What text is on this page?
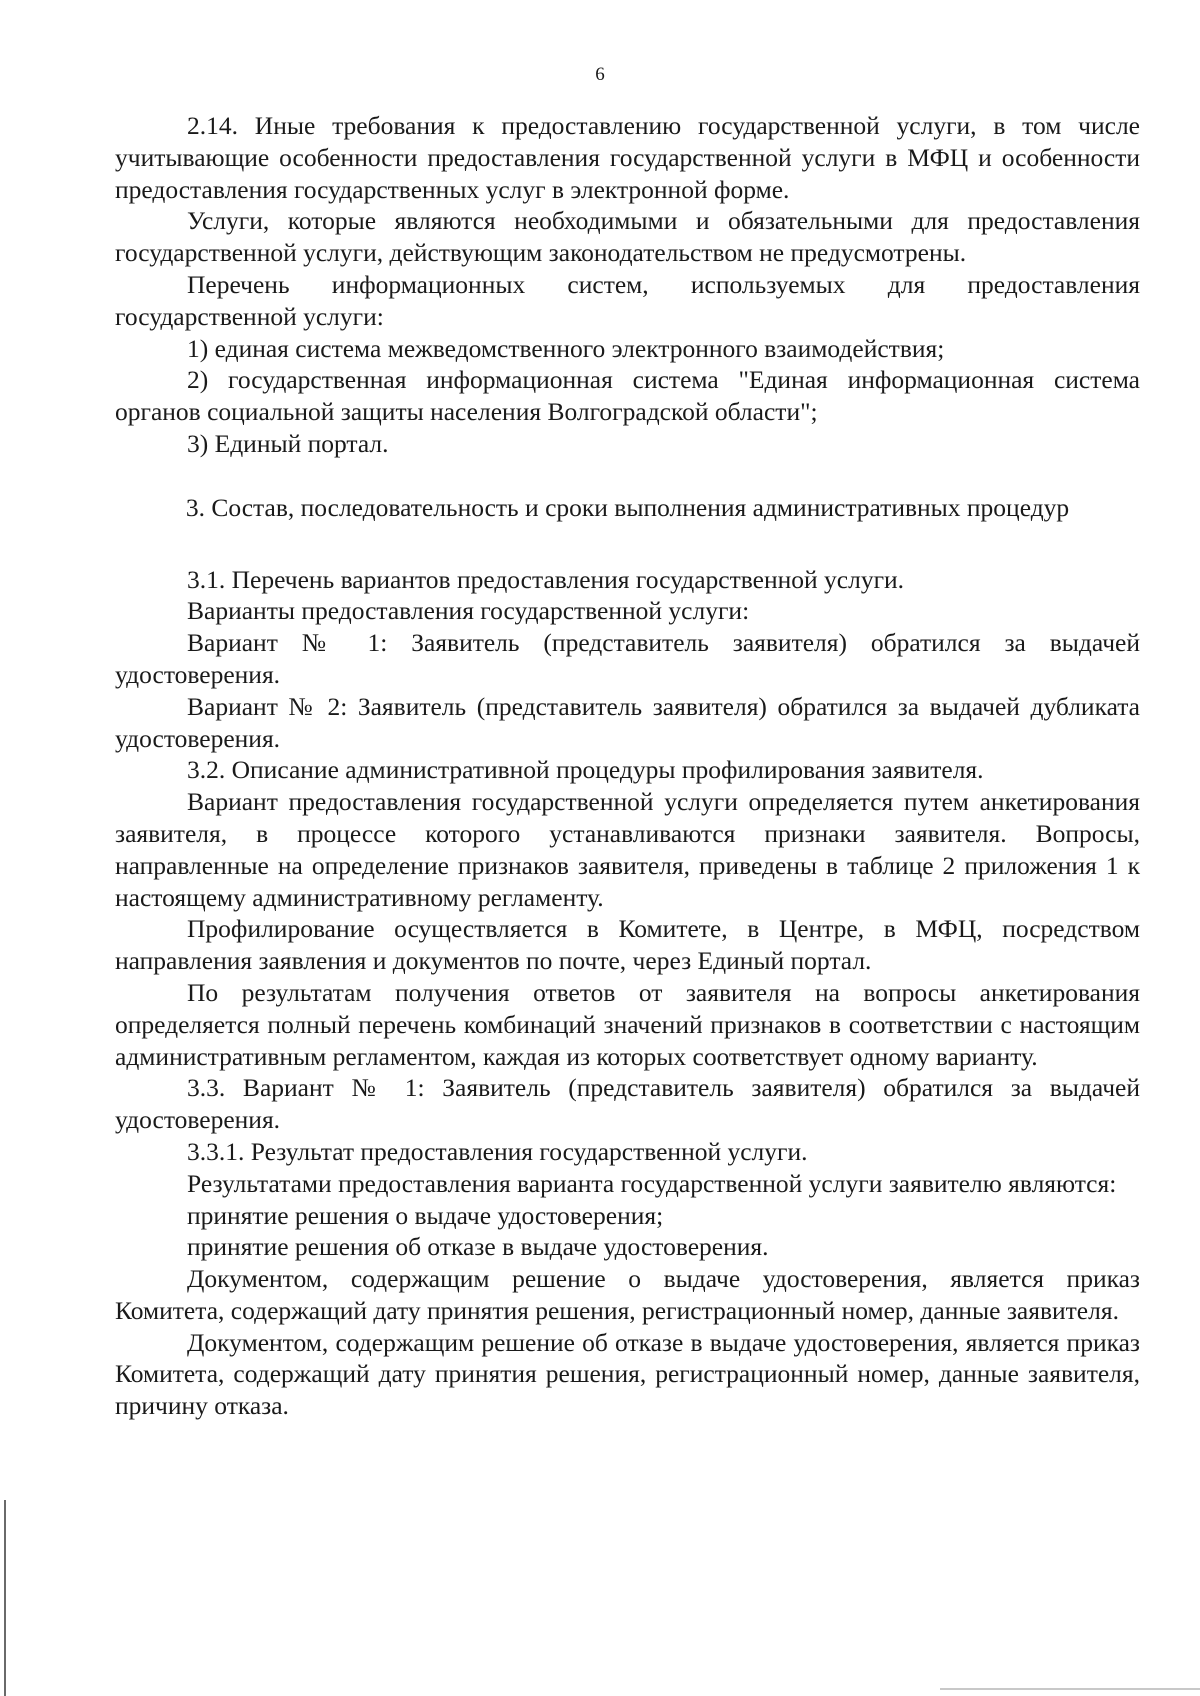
6

2.14. Иные требования к предоставлению государственной услуги, в том числе учитывающие особенности предоставления государственной услуги в МФЦ и особенности предоставления государственных услуг в электронной форме.

Услуги, которые являются необходимыми и обязательными для предоставления государственной услуги, действующим законодательством не предусмотрены.

Перечень информационных систем, используемых для предоставления государственной услуги:

1) единая система межведомственного электронного взаимодействия;

2) государственная информационная система "Единая информационная система органов социальной защиты населения Волгоградской области";

3) Единый портал.

3. Состав, последовательность и сроки выполнения административных процедур

3.1. Перечень вариантов предоставления государственной услуги.

Варианты предоставления государственной услуги:

Вариант № 1: Заявитель (представитель заявителя) обратился за выдачей удостоверения.

Вариант № 2: Заявитель (представитель заявителя) обратился за выдачей дубликата удостоверения.

3.2. Описание административной процедуры профилирования заявителя.

Вариант предоставления государственной услуги определяется путем анкетирования заявителя, в процессе которого устанавливаются признаки заявителя. Вопросы, направленные на определение признаков заявителя, приведены в таблице 2 приложения 1 к настоящему административному регламенту.

Профилирование осуществляется в Комитете, в Центре, в МФЦ, посредством направления заявления и документов по почте, через Единый портал.

По результатам получения ответов от заявителя на вопросы анкетирования определяется полный перечень комбинаций значений признаков в соответствии с настоящим административным регламентом, каждая из которых соответствует одному варианту.

3.3. Вариант № 1: Заявитель (представитель заявителя) обратился за выдачей удостоверения.

3.3.1. Результат предоставления государственной услуги.

Результатами предоставления варианта государственной услуги заявителю являются:

принятие решения о выдаче удостоверения;

принятие решения об отказе в выдаче удостоверения.

Документом, содержащим решение о выдаче удостоверения, является приказ Комитета, содержащий дату принятия решения, регистрационный номер, данные заявителя.

Документом, содержащим решение об отказе в выдаче удостоверения, является приказ Комитета, содержащий дату принятия решения, регистрационный номер, данные заявителя, причину отказа.
